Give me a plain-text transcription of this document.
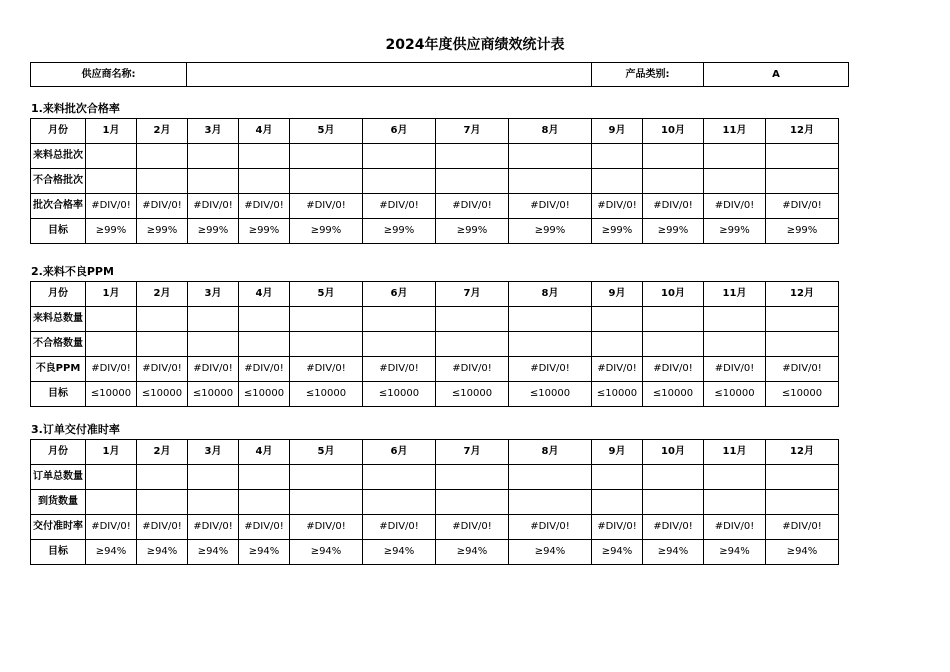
2024年度供应商绩效统计表
供应商名称:		产品类别:	A
1.来料批次合格率
月份	1月	2月	3月	4月	5月	6月	7月	8月	9月	10月	11月	12月
来料总批次												
不合格批次												
批次合格率	#DIV/0!	#DIV/0!	#DIV/0!	#DIV/0!	#DIV/0!	#DIV/0!	#DIV/0!	#DIV/0!	#DIV/0!	#DIV/0!	#DIV/0!	#DIV/0!
目标	≥99%	≥99%	≥99%	≥99%	≥99%	≥99%	≥99%	≥99%	≥99%	≥99%	≥99%	≥99%
2.来料不良PPM
月份	1月	2月	3月	4月	5月	6月	7月	8月	9月	10月	11月	12月
来料总数量												
不合格数量												
不良PPM	#DIV/0!	#DIV/0!	#DIV/0!	#DIV/0!	#DIV/0!	#DIV/0!	#DIV/0!	#DIV/0!	#DIV/0!	#DIV/0!	#DIV/0!	#DIV/0!
目标	≤10000	≤10000	≤10000	≤10000	≤10000	≤10000	≤10000	≤10000	≤10000	≤10000	≤10000	≤10000
3.订单交付准时率
月份	1月	2月	3月	4月	5月	6月	7月	8月	9月	10月	11月	12月
订单总数量												
到货数量												
交付准时率	#DIV/0!	#DIV/0!	#DIV/0!	#DIV/0!	#DIV/0!	#DIV/0!	#DIV/0!	#DIV/0!	#DIV/0!	#DIV/0!	#DIV/0!	#DIV/0!
目标	≥94%	≥94%	≥94%	≥94%	≥94%	≥94%	≥94%	≥94%	≥94%	≥94%	≥94%	≥94%
